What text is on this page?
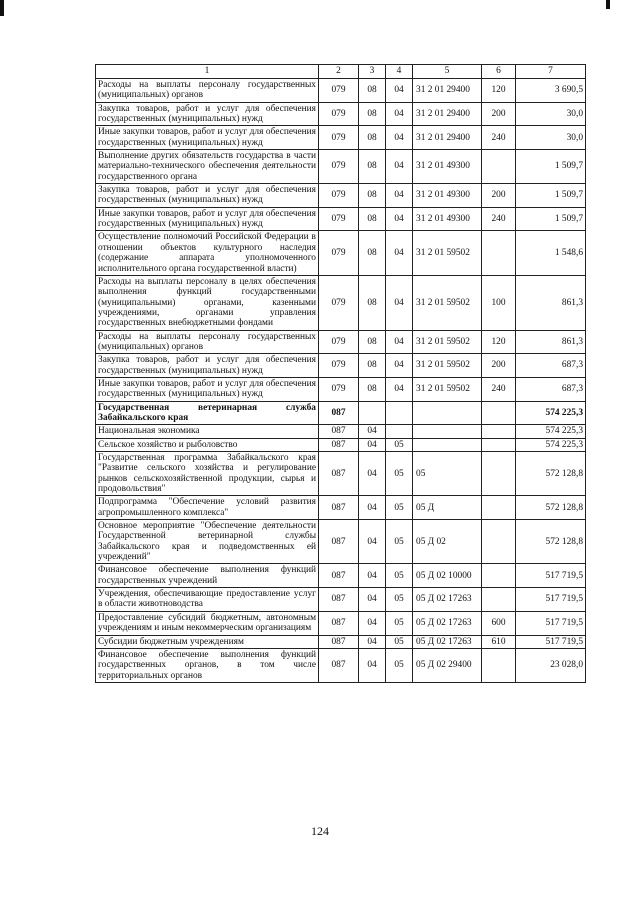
1	2	3	4	5	6	7
Расходы на выплаты персоналу государственных (муниципальных) органов	079	08	04	31 2 01 29400	120	3 690,5
Закупка товаров, работ и услуг для обеспечения государственных (муниципальных) нужд	079	08	04	31 2 01 29400	200	30,0
Иные закупки товаров, работ и услуг для обеспечения государственных (муниципальных) нужд	079	08	04	31 2 01 29400	240	30,0
Выполнение других обязательств государства в части материально-технического обеспечения деятельности государственного органа	079	08	04	31 2 01 49300		1 509,7
Закупка товаров, работ и услуг для обеспечения государственных (муниципальных) нужд	079	08	04	31 2 01 49300	200	1 509,7
Иные закупки товаров, работ и услуг для обеспечения государственных (муниципальных) нужд	079	08	04	31 2 01 49300	240	1 509,7
Осуществление полномочий Российской Федерации в отношении объектов культурного наследия (содержание аппарата уполномоченного исполнительного органа государственной власти)	079	08	04	31 2 01 59502		1 548,6
Расходы на выплаты персоналу в целях обеспечения выполнения функций государственными (муниципальными) органами, казенными учреждениями, органами управления государственных внебюджетными фондами	079	08	04	31 2 01 59502	100	861,3
Расходы на выплаты персоналу государственных (муниципальных) органов	079	08	04	31 2 01 59502	120	861,3
Закупка товаров, работ и услуг для обеспечения государственных (муниципальных) нужд	079	08	04	31 2 01 59502	200	687,3
Иные закупки товаров, работ и услуг для обеспечения государственных (муниципальных) нужд	079	08	04	31 2 01 59502	240	687,3
Государственная ветеринарная служба Забайкальского края	087					574 225,3
Национальная экономика	087	04				574 225,3
Сельское хозяйство и рыболовство	087	04	05			574 225,3
Государственная программа Забайкальского края "Развитие сельского хозяйства и регулирование рынков сельскохозяйственной продукции, сырья и продовольствия"	087	04	05	05		572 128,8
Подпрограмма "Обеспечение условий развития агропромышленного комплекса"	087	04	05	05 Д		572 128,8
Основное мероприятие "Обеспечение деятельности Государственной ветеринарной службы Забайкальского края и подведомственных ей учреждений"	087	04	05	05 Д 02		572 128,8
Финансовое обеспечение выполнения функций государственных учреждений	087	04	05	05 Д 02 10000		517 719,5
Учреждения, обеспечивающие предоставление услуг в области животноводства	087	04	05	05 Д 02 17263		517 719,5
Предоставление субсидий бюджетным, автономным учреждениям и иным некоммерческим организациям	087	04	05	05 Д 02 17263	600	517 719,5
Субсидии бюджетным учреждениям	087	04	05	05 Д 02 17263	610	517 719,5
Финансовое обеспечение выполнения функций государственных органов, в том числе территориальных органов	087	04	05	05 Д 02 29400		23 028,0
124
